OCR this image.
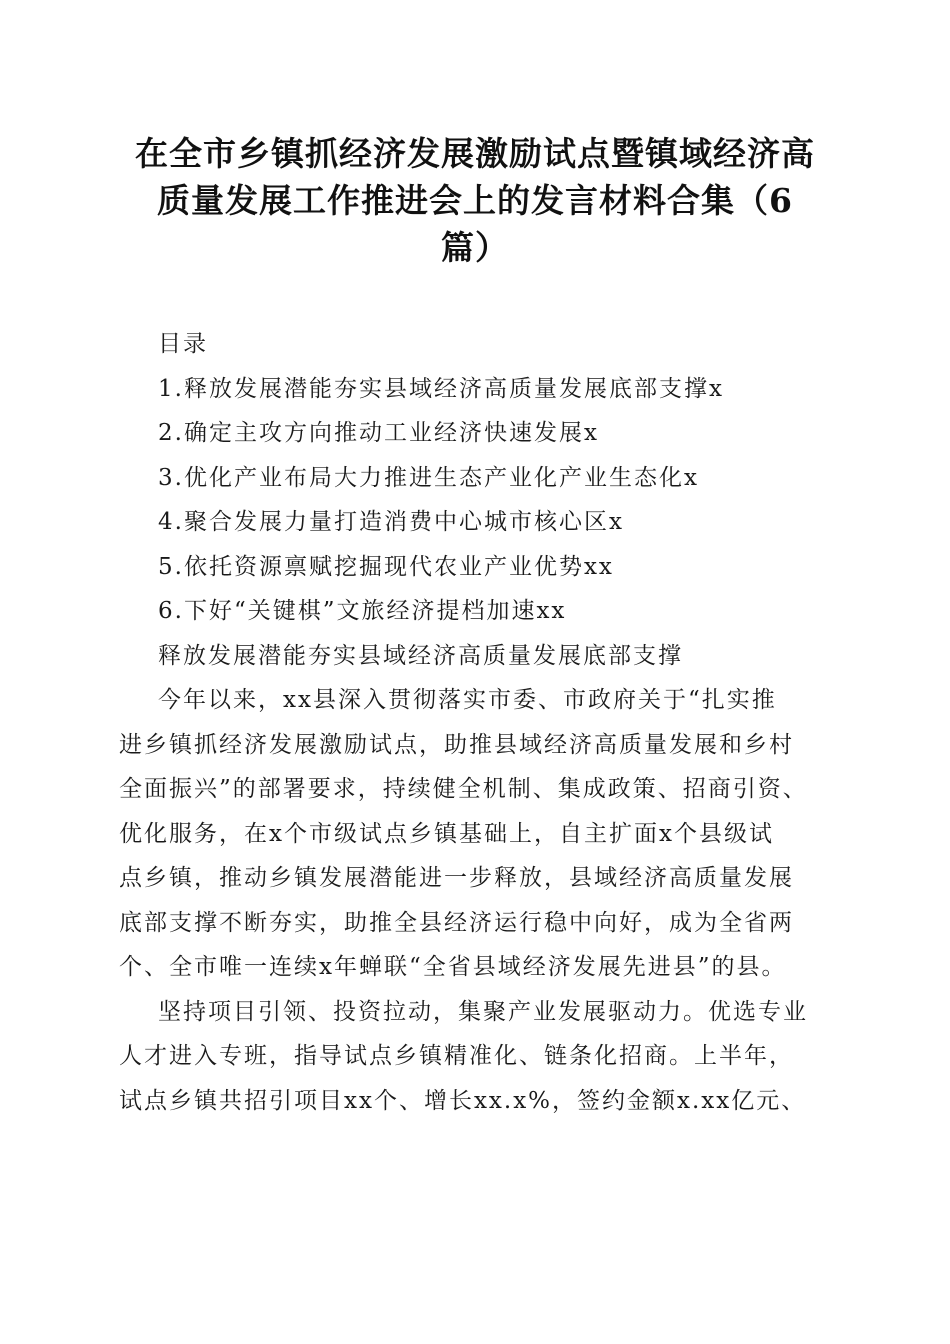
在全市乡镇抓经济发展激励试点暨镇域经济高
质量发展工作推进会上的发言材料合集（6
篇）
目录
1.释放发展潜能夯实县域经济高质量发展底部支撑x
2.确定主攻方向推动工业经济快速发展x
3.优化产业布局大力推进生态产业化产业生态化x
4.聚合发展力量打造消费中心城市核心区x
5.依托资源禀赋挖掘现代农业产业优势xx
6.下好“关键棋”文旅经济提档加速xx
释放发展潜能夯实县域经济高质量发展底部支撑
今年以来，xx县深入贯彻落实市委、市政府关于“扎实推
进乡镇抓经济发展激励试点，助推县域经济高质量发展和乡村
全面振兴”的部署要求，持续健全机制、集成政策、招商引资、
优化服务，在x个市级试点乡镇基础上，自主扩面x个县级试
点乡镇，推动乡镇发展潜能进一步释放，县域经济高质量发展
底部支撑不断夯实，助推全县经济运行稳中向好，成为全省两
个、全市唯一连续x年蝉联“全省县域经济发展先进县”的县。
坚持项目引领、投资拉动，集聚产业发展驱动力。优选专业
人才进入专班，指导试点乡镇精准化、链条化招商。上半年，
试点乡镇共招引项目xx个、增长xx.x%，签约金额x.xx亿元、
